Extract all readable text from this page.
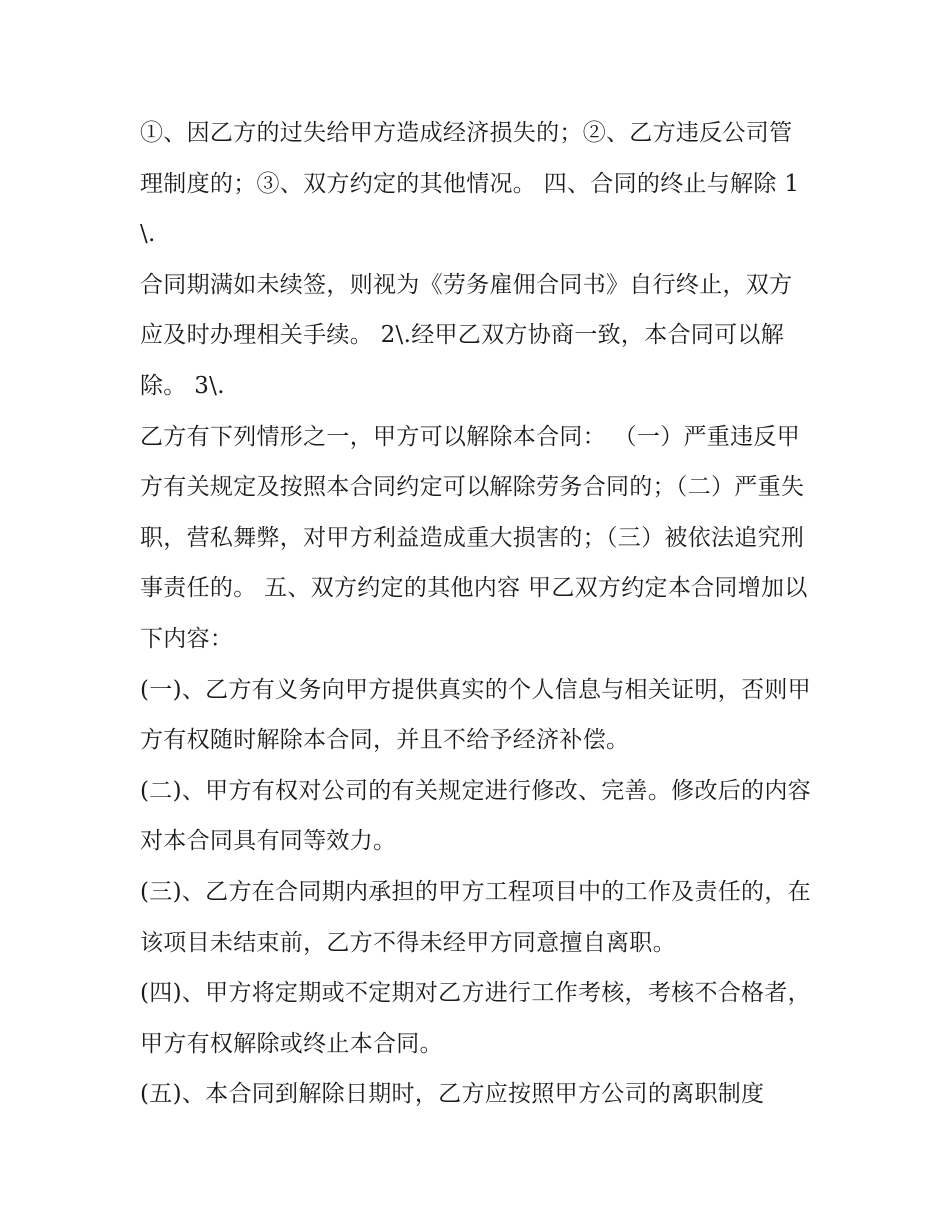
①、因乙方的过失给甲方造成经济损失的；②、乙方违反公司管理制度的；③、双方约定的其他情况。 四、合同的终止与解除 1\.

合同期满如未续签，则视为《劳务雇佣合同书》自行终止，双方应及时办理相关手续。 2\.经甲乙双方协商一致，本合同可以解除。 3\.

乙方有下列情形之一，甲方可以解除本合同： （一）严重违反甲方有关规定及按照本合同约定可以解除劳务合同的；（二）严重失职，营私舞弊，对甲方利益造成重大损害的；（三）被依法追究刑事责任的。 五、双方约定的其他内容 甲乙双方约定本合同增加以下内容：

(一)、乙方有义务向甲方提供真实的个人信息与相关证明，否则甲方有权随时解除本合同，并且不给予经济补偿。

(二)、甲方有权对公司的有关规定进行修改、完善。修改后的内容对本合同具有同等效力。

(三)、乙方在合同期内承担的甲方工程项目中的工作及责任的，在该项目未结束前，乙方不得未经甲方同意擅自离职。

(四)、甲方将定期或不定期对乙方进行工作考核，考核不合格者，甲方有权解除或终止本合同。

(五)、本合同到解除日期时，乙方应按照甲方公司的离职制度
